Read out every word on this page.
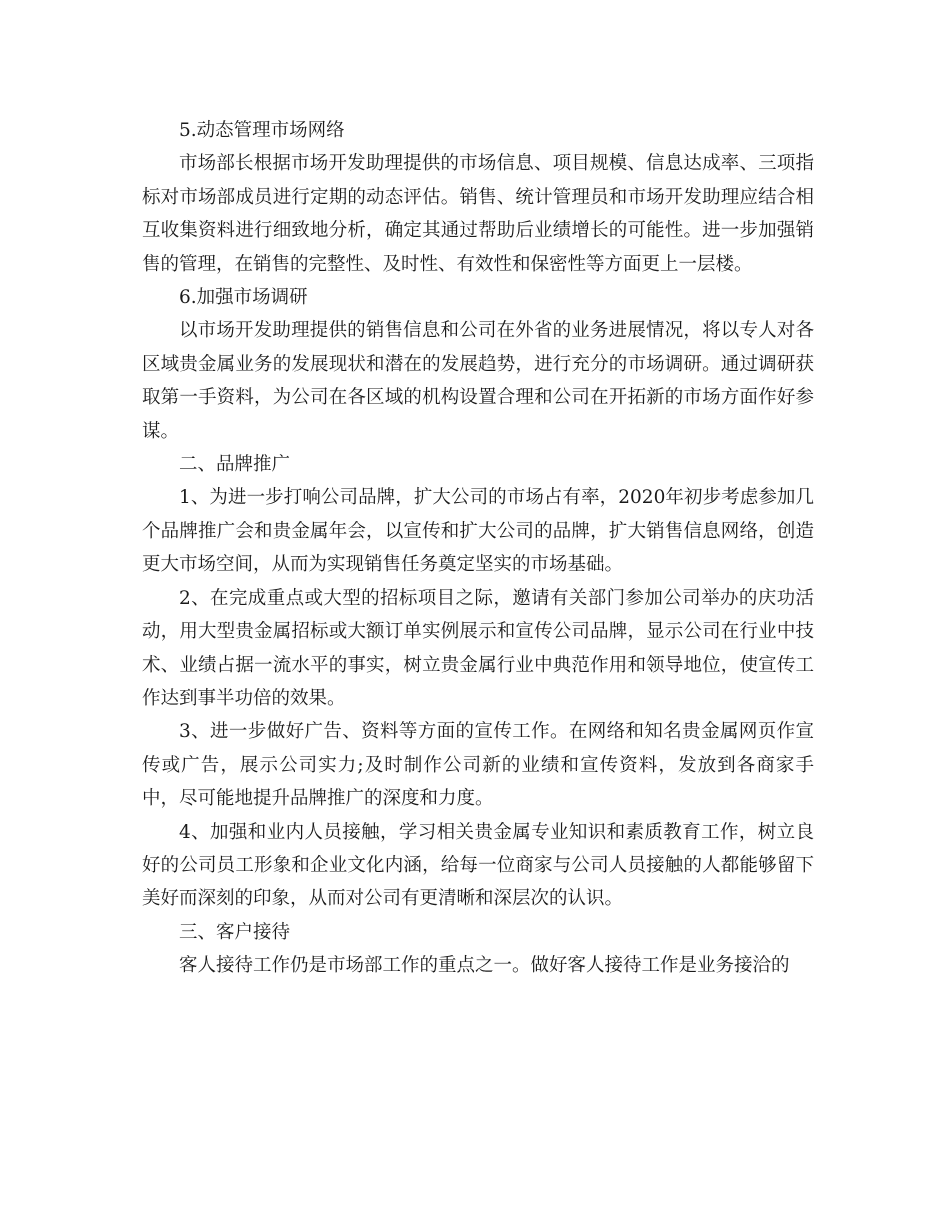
5.动态管理市场网络

市场部长根据市场开发助理提供的市场信息、项目规模、信息达成率、三项指标对市场部成员进行定期的动态评估。销售、统计管理员和市场开发助理应结合相互收集资料进行细致地分析，确定其通过帮助后业绩增长的可能性。进一步加强销售的管理，在销售的完整性、及时性、有效性和保密性等方面更上一层楼。

6.加强市场调研

以市场开发助理提供的销售信息和公司在外省的业务进展情况，将以专人对各区域贵金属业务的发展现状和潜在的发展趋势，进行充分的市场调研。通过调研获取第一手资料，为公司在各区域的机构设置合理和公司在开拓新的市场方面作好参谋。

二、品牌推广

1、为进一步打响公司品牌，扩大公司的市场占有率，2020年初步考虑参加几个品牌推广会和贵金属年会，以宣传和扩大公司的品牌，扩大销售信息网络，创造更大市场空间，从而为实现销售任务奠定坚实的市场基础。

2、在完成重点或大型的招标项目之际，邀请有关部门参加公司举办的庆功活动，用大型贵金属招标或大额订单实例展示和宣传公司品牌，显示公司在行业中技术、业绩占据一流水平的事实，树立贵金属行业中典范作用和领导地位，使宣传工作达到事半功倍的效果。

3、进一步做好广告、资料等方面的宣传工作。在网络和知名贵金属网页作宣传或广告，展示公司实力;及时制作公司新的业绩和宣传资料，发放到各商家手中，尽可能地提升品牌推广的深度和力度。

4、加强和业内人员接触，学习相关贵金属专业知识和素质教育工作，树立良好的公司员工形象和企业文化内涵，给每一位商家与公司人员接触的人都能够留下美好而深刻的印象，从而对公司有更清晰和深层次的认识。

三、客户接待

客人接待工作仍是市场部工作的重点之一。做好客人接待工作是业务接洽的
